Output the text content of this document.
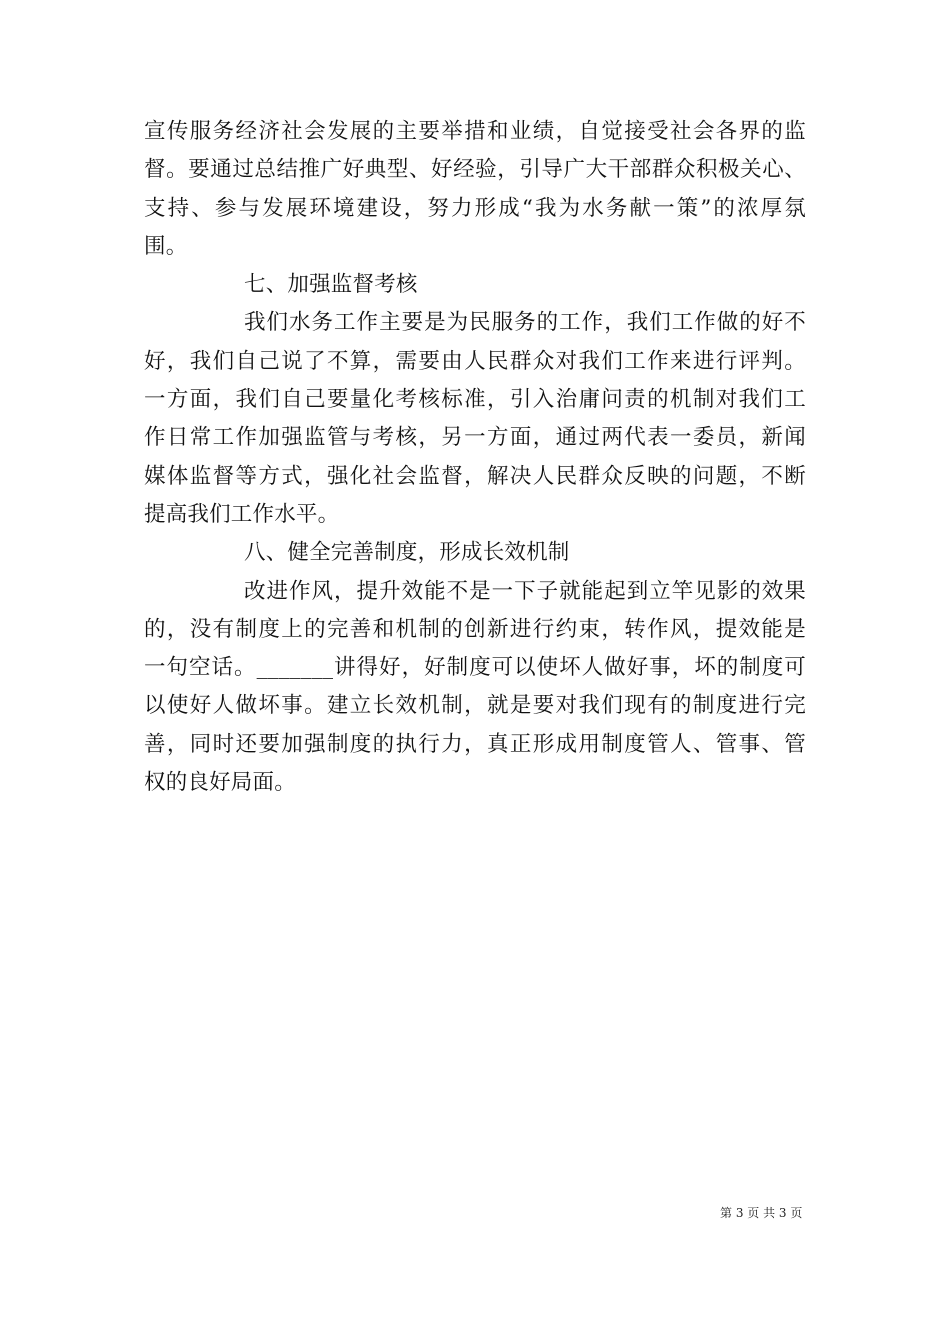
宣传服务经济社会发展的主要举措和业绩，自觉接受社会各界的监
督。要通过总结推广好典型、好经验，引导广大干部群众积极关心、
支持、参与发展环境建设，努力形成“我为水务献一策”的浓厚氛
围。
七、加强监督考核
我们水务工作主要是为民服务的工作，我们工作做的好不
好，我们自己说了不算，需要由人民群众对我们工作来进行评判。
一方面，我们自己要量化考核标准，引入治庸问责的机制对我们工
作日常工作加强监管与考核，另一方面，通过两代表一委员，新闻
媒体监督等方式，强化社会监督，解决人民群众反映的问题，不断
提高我们工作水平。
八、健全完善制度，形成长效机制
改进作风，提升效能不是一下子就能起到立竿见影的效果
的，没有制度上的完善和机制的创新进行约束，转作风，提效能是
一句空话。_______讲得好，好制度可以使坏人做好事，坏的制度可
以使好人做坏事。建立长效机制，就是要对我们现有的制度进行完
善，同时还要加强制度的执行力，真正形成用制度管人、管事、管
权的良好局面。
第 3 页 共 3 页
